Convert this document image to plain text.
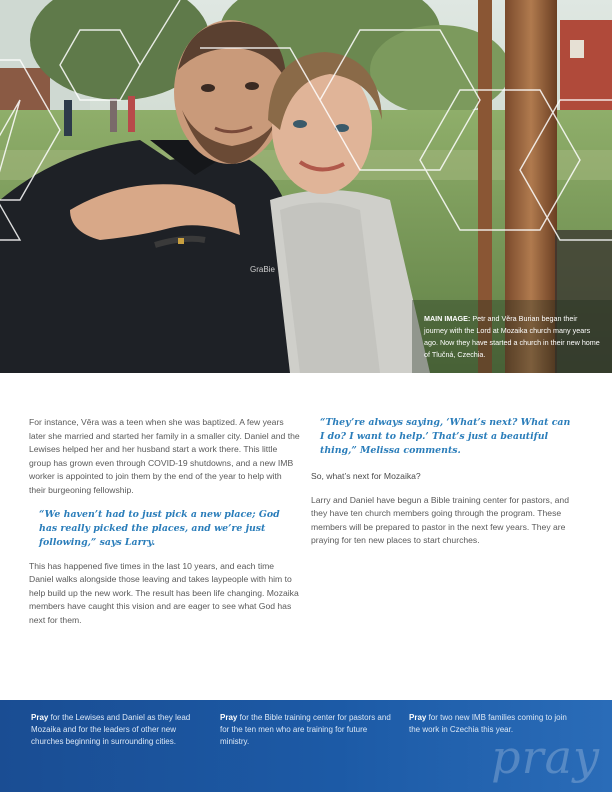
GraBie
MAIN IMAGE: Petr and Věra Burian began their journey with the Lord at Mozaika church many years ago. Now they have started a church in their new home of Tlučná, Czechia.

For instance, Věra was a teen when she was baptized. A few years later she married and started her family in a smaller city. Daniel and the Lewises helped her and her husband start a work there. This little group has grown even through COVID-19 shutdowns, and a new IMB worker is appointed to join them by the end of the year to help with their burgeoning fellowship.

“We haven’t had to just pick a new place; God has really picked the places, and we’re just following,” says Larry.

This has happened five times in the last 10 years, and each time Daniel walks alongside those leaving and takes laypeople with him to help build up the new work. The result has been life changing. Mozaika members have caught this vision and are eager to see what God has next for them.

“They’re always saying, ‘What’s next? What can I do? I want to help.’ That’s just a beautiful thing,” Melissa comments.

So, what’s next for Mozaika?

Larry and Daniel have begun a Bible training center for pastors, and they have ten church members going through the program. These members will be prepared to pastor in the next few years. They are praying for ten new places to start churches.

Pray for the Lewises and Daniel as they lead Mozaika and for the leaders of other new churches beginning in surrounding cities.
Pray for the Bible training center for pastors and for the ten men who are training for future ministry.
Pray for two new IMB families coming to join the work in Czechia this year.
pray
